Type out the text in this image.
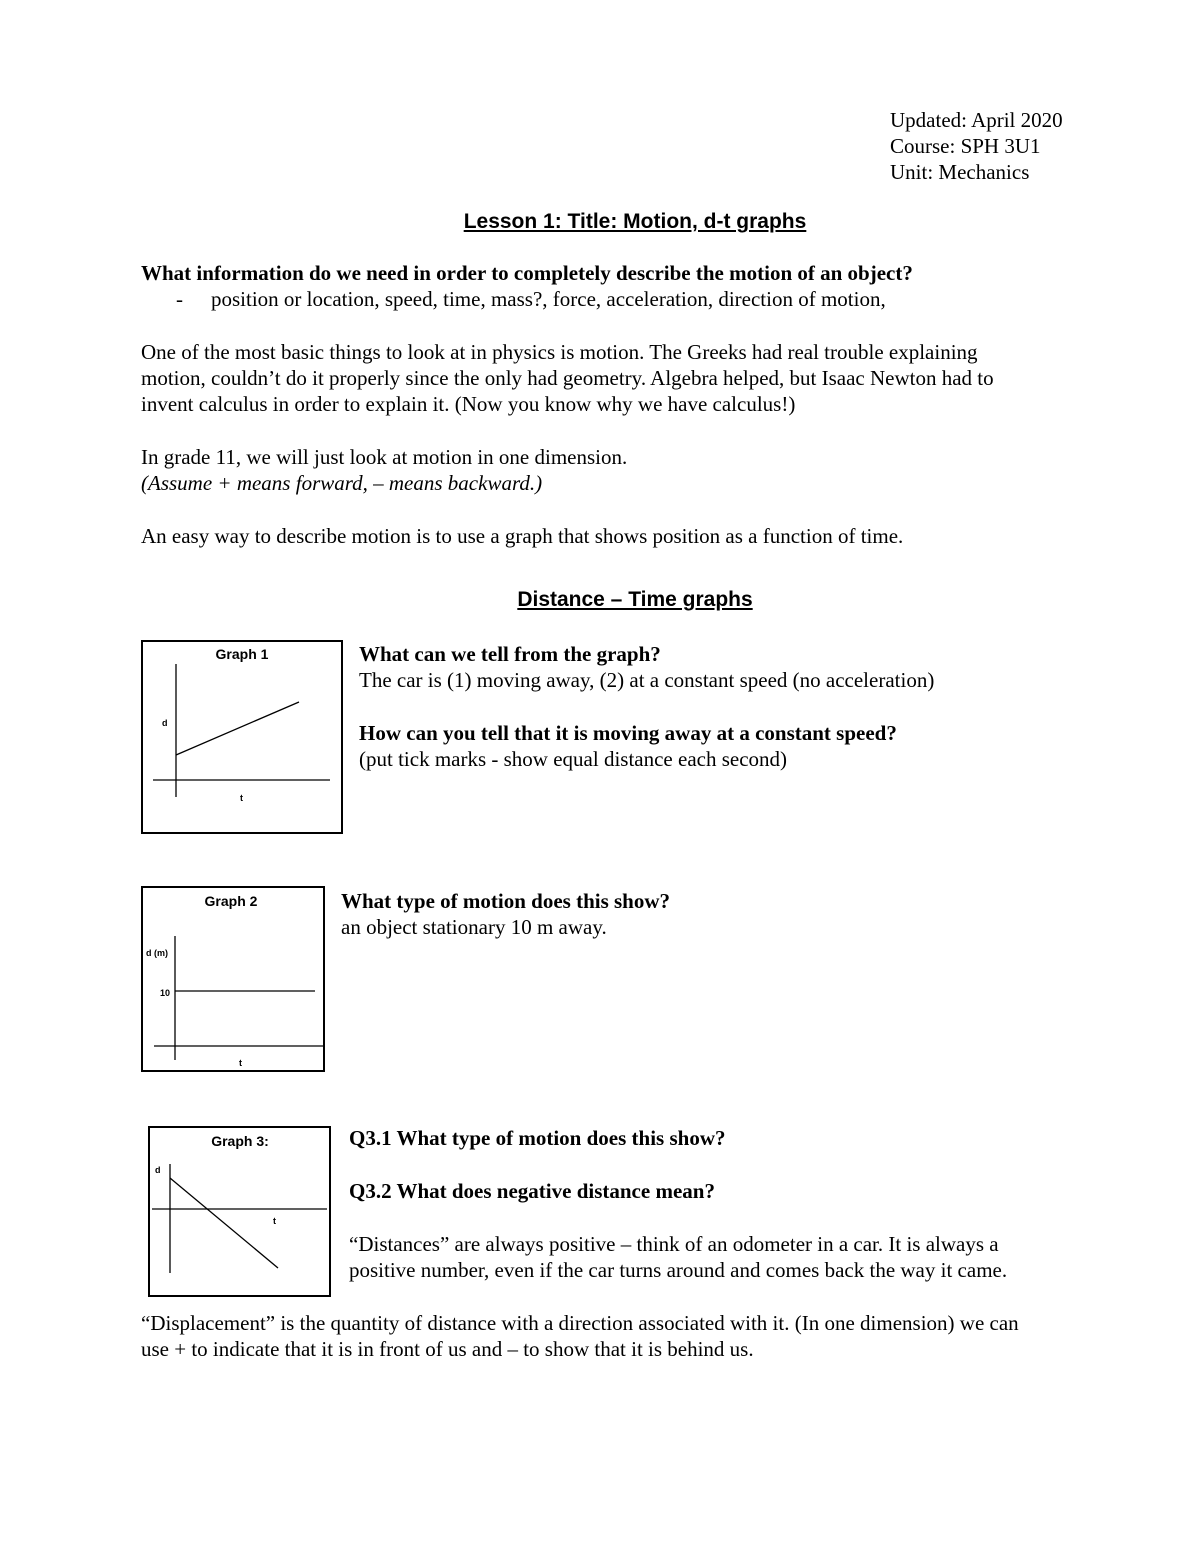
Updated: April 2020
Course: SPH 3U1
Unit: Mechanics
Lesson 1: Title: Motion, d-t graphs
What information do we need in order to completely describe the motion of an object?
- position or location, speed, time, mass?, force, acceleration, direction of motion,
One of the most basic things to look at in physics is motion. The Greeks had real trouble explaining
motion, couldn’t do it properly since the only had geometry. Algebra helped, but Isaac Newton had to
invent calculus in order to explain it. (Now you know why we have calculus!)
In grade 11, we will just look at motion in one dimension.
(Assume + means forward, – means backward.)
An easy way to describe motion is to use a graph that shows position as a function of time.
Distance – Time graphs
Graph 1
d
t
What can we tell from the graph?
The car is (1) moving away, (2) at a constant speed (no acceleration)
How can you tell that it is moving away at a constant speed?
(put tick marks - show equal distance each second)
Graph 2
d (m)
10
t
What type of motion does this show?
an object stationary 10 m away.
Graph 3:
d
t
Q3.1 What type of motion does this show?
Q3.2 What does negative distance mean?
“Distances” are always positive – think of an odometer in a car. It is always a
positive number, even if the car turns around and comes back the way it came.
“Displacement” is the quantity of distance with a direction associated with it. (In one dimension) we can
use + to indicate that it is in front of us and – to show that it is behind us.
